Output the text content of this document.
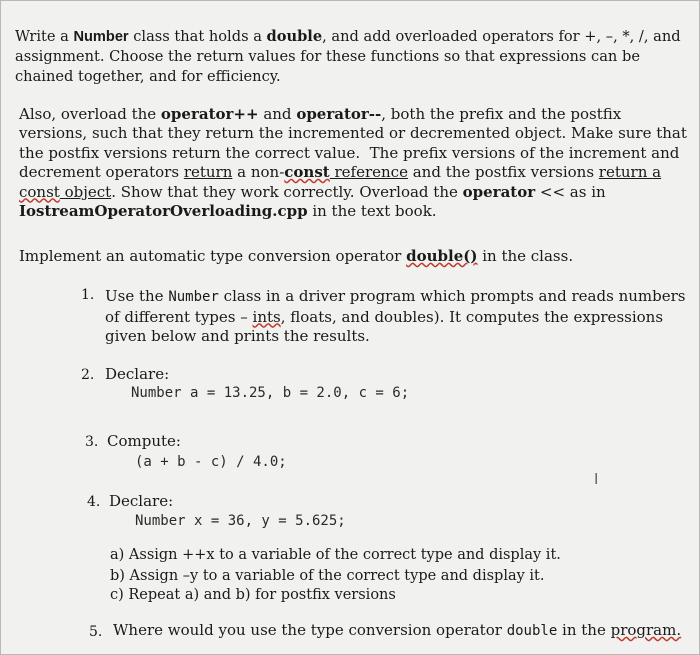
Write a Number class that holds a double, and add overloaded operators for +, –, *, /, and assignment. Choose the return values for these functions so that expressions can be chained together, and for efficiency.

Also, overload the operator++ and operator--, both the prefix and the postfix versions, such that they return the incremented or decremented object. Make sure that the postfix versions return the correct value.  The prefix versions of the increment and decrement operators return a non-const reference and the postfix versions return a const object. Show that they work correctly. Overload the operator << as in IostreamOperatorOverloading.cpp in the text book.

Implement an automatic type conversion operator double() in the class.

1. Use the Number class in a driver program which prompts and reads numbers of different types – ints, floats, and doubles). It computes the expressions given below and prints the results.

2. Declare:
Number a = 13.25, b = 2.0, c = 6;
3. Compute:
(a + b - c) / 4.0;
I
4. Declare:
Number x = 36, y = 5.625;
a) Assign ++x to a variable of the correct type and display it.
b) Assign –y to a variable of the correct type and display it.
c) Repeat a) and b) for postfix versions
5. Where would you use the type conversion operator double in the program.
